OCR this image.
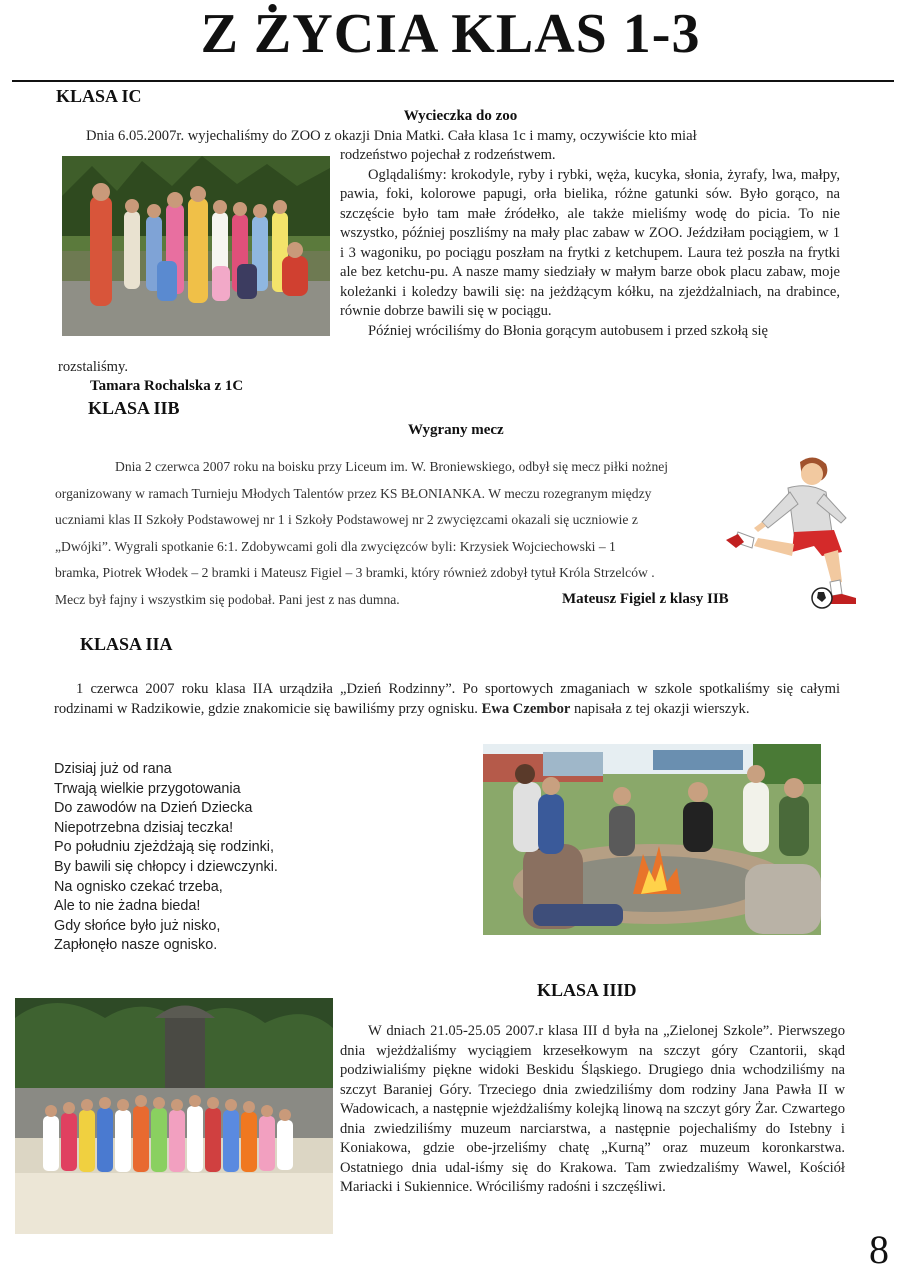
Z ŻYCIA KLAS 1-3
KLASA IC
Wycieczka do zoo

Dnia 6.05.2007r. wyjechaliśmy do ZOO z okazji Dnia Matki. Cała klasa 1c i mamy, oczywiście kto miał

rodzeństwo pojechał z rodzeństwem.

Oglądaliśmy: krokodyle, ryby i rybki, węża, kucyka, słonia, żyrafy, lwa, małpy, pawia, foki, kolorowe papugi, orła bielika, różne gatunki sów. Było gorąco, na szczęście było tam małe źródełko, ale także mieliśmy wodę do picia. To nie wszystko, później poszliśmy na mały plac zabaw w ZOO. Jeździłam pociągiem, w 1 i 3 wagoniku, po pociągu poszłam na frytki z ketchupem. Laura też poszła na frytki ale bez ketchu-pu. A nasze mamy siedziały w małym barze obok placu zabaw, moje koleżanki i koledzy bawili się: na jeżdżącym kółku, na zjeżdżalniach, na drabince, równie dobrze bawili się w pociągu.

Później wróciliśmy do Błonia gorącym autobusem i przed szkołą się

rozstaliśmy.
Tamara Rochalska z 1C
KLASA IIB
Wygrany mecz
Dnia 2 czerwca 2007 roku na boisku przy Liceum im. W. Broniewskiego, odbył się mecz piłki nożnej
organizowany w ramach Turnieju Młodych Talentów przez KS BŁONIANKA. W meczu rozegranym między
uczniami klas II Szkoły Podstawowej nr 1 i Szkoły Podstawowej nr 2 zwycięzcami okazali się uczniowie z
„Dwójki”. Wygrali spotkanie 6:1. Zdobywcami goli dla zwycięzców byli: Krzysiek Wojciechowski – 1
bramka, Piotrek Włodek – 2 bramki i Mateusz Figiel – 3 bramki, który również zdobył tytuł Króla Strzelców .
Mecz był fajny i wszystkim się podobał. Pani jest z nas dumna.	Mateusz Figiel z klasy IIB
KLASA IIA

1 czerwca 2007 roku klasa IIA urządziła „Dzień Rodzinny”. Po sportowych zmaganiach w szkole spotkaliśmy się całymi rodzinami w Radzikowie, gdzie znakomicie się bawiliśmy przy ognisku. Ewa Czembor napisała z tej okazji wierszyk.

Dzisiaj już od rana
Trwają wielkie przygotowania
Do zawodów na Dzień Dziecka
Niepotrzebna dzisiaj teczka!
Po południu zjeżdżają się rodzinki,
By bawili się chłopcy i dziewczynki.
Na ognisko czekać trzeba,
Ale to nie żadna bieda!
Gdy słońce było już nisko,
Zapłonęło nasze ognisko.
KLASA IIID

W dniach 21.05-25.05 2007.r klasa III d była na „Zielonej Szkole”. Pierwszego dnia wjeżdżaliśmy wyciągiem krzesełkowym na szczyt góry Czantorii, skąd podziwialiśmy piękne widoki Beskidu Śląskiego. Drugiego dnia wchodziliśmy na szczyt Baraniej Góry. Trzeciego dnia zwiedziliśmy dom rodziny Jana Pawła II w Wadowicach, a następnie wjeżdżaliśmy kolejką linową na szczyt góry Żar. Czwartego dnia zwiedziliśmy muzeum narciarstwa, a następnie pojechaliśmy do Istebny i Koniakowa, gdzie obe-jrzeliśmy chatę „Kurną” oraz muzeum koronkarstwa. Ostatniego dnia udal-iśmy się do Krakowa. Tam zwiedzaliśmy Wawel, Kościół Mariacki i Sukiennice. Wróciliśmy radośni i szczęśliwi.

8
